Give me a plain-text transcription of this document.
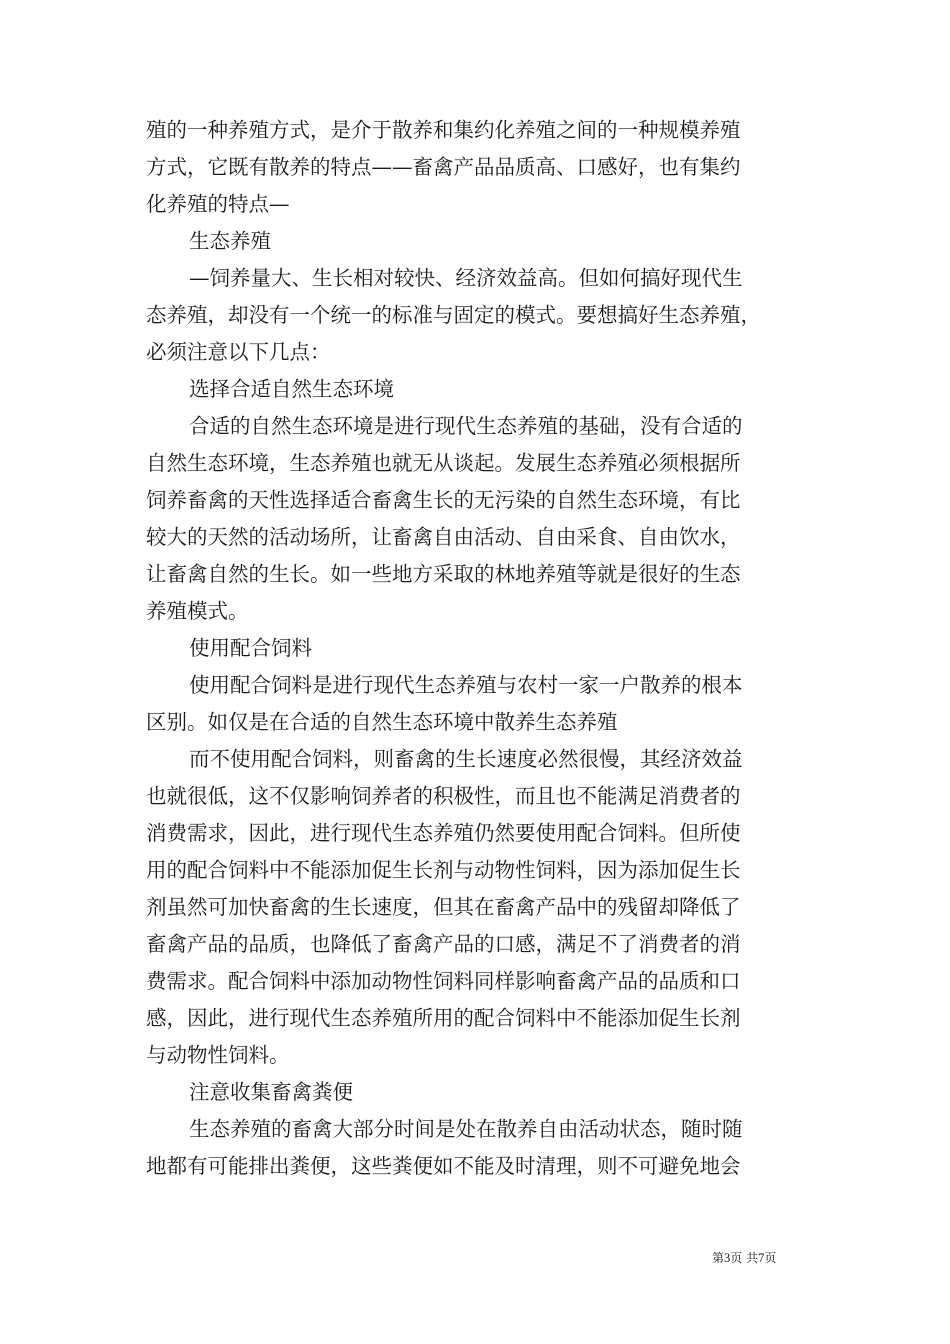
殖的一种养殖方式，是介于散养和集约化养殖之间的一种规模养殖
方式，它既有散养的特点——畜禽产品品质高、口感好，也有集约
化养殖的特点—
生态养殖
—饲养量大、生长相对较快、经济效益高。但如何搞好现代生
态养殖，却没有一个统一的标准与固定的模式。要想搞好生态养殖，
必须注意以下几点：
选择合适自然生态环境
合适的自然生态环境是进行现代生态养殖的基础，没有合适的
自然生态环境，生态养殖也就无从谈起。发展生态养殖必须根据所
饲养畜禽的天性选择适合畜禽生长的无污染的自然生态环境，有比
较大的天然的活动场所，让畜禽自由活动、自由采食、自由饮水，
让畜禽自然的生长。如一些地方采取的林地养殖等就是很好的生态
养殖模式。
使用配合饲料
使用配合饲料是进行现代生态养殖与农村一家一户散养的根本
区别。如仅是在合适的自然生态环境中散养生态养殖
而不使用配合饲料，则畜禽的生长速度必然很慢，其经济效益
也就很低，这不仅影响饲养者的积极性，而且也不能满足消费者的
消费需求，因此，进行现代生态养殖仍然要使用配合饲料。但所使
用的配合饲料中不能添加促生长剂与动物性饲料，因为添加促生长
剂虽然可加快畜禽的生长速度，但其在畜禽产品中的残留却降低了
畜禽产品的品质，也降低了畜禽产品的口感，满足不了消费者的消
费需求。配合饲料中添加动物性饲料同样影响畜禽产品的品质和口
感，因此，进行现代生态养殖所用的配合饲料中不能添加促生长剂
与动物性饲料。
注意收集畜禽粪便
生态养殖的畜禽大部分时间是处在散养自由活动状态，随时随
地都有可能排出粪便，这些粪便如不能及时清理，则不可避免地会
第3页 共7页
